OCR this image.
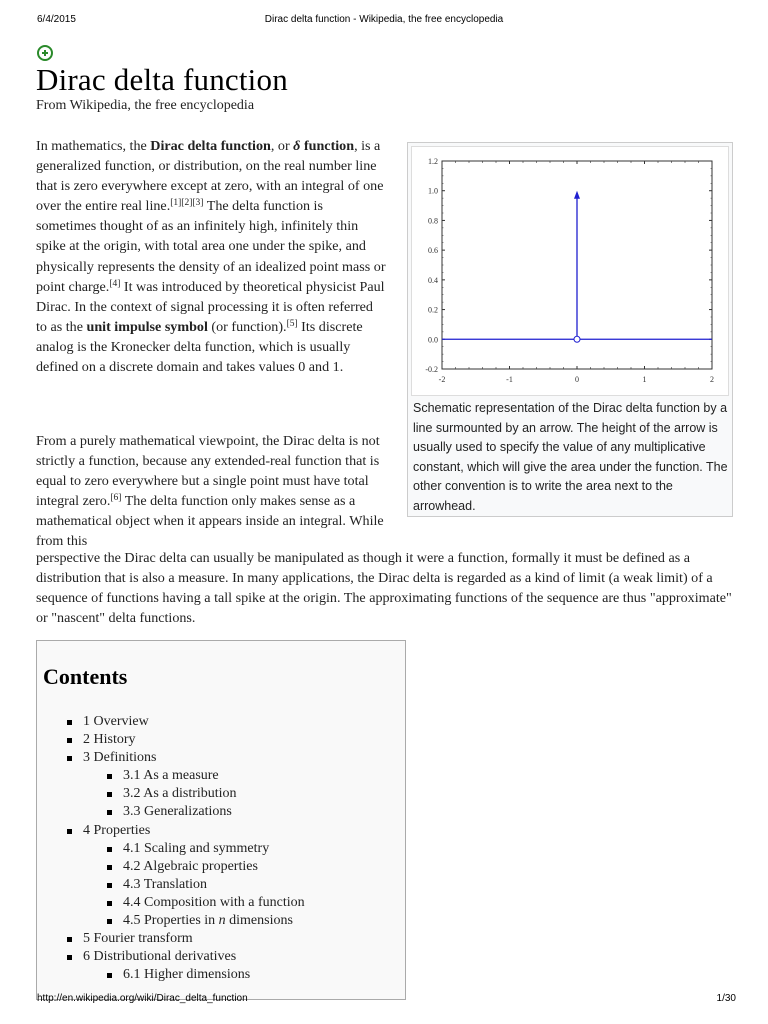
6/4/2015	Dirac delta function - Wikipedia, the free encyclopedia
Dirac delta function
From Wikipedia, the free encyclopedia

In mathematics, the Dirac delta function, or δ function, is a generalized function, or distribution, on the real number line that is zero everywhere except at zero, with an integral of one over the entire real line.[1][2][3] The delta function is sometimes thought of as an infinitely high, infinitely thin spike at the origin, with total area one under the spike, and physically represents the density of an idealized point mass or point charge.[4] It was introduced by theoretical physicist Paul Dirac. In the context of signal processing it is often referred to as the unit impulse symbol (or function).[5] Its discrete analog is the Kronecker delta function, which is usually defined on a discrete domain and takes values 0 and 1.

From a purely mathematical viewpoint, the Dirac delta is not strictly a function, because any extended-real function that is equal to zero everywhere but a single point must have total integral zero.[6] The delta function only makes sense as a mathematical object when it appears inside an integral. While from this

perspective the Dirac delta can usually be manipulated as though it were a function, formally it must be defined as a distribution that is also a measure. In many applications, the Dirac delta is regarded as a kind of limit (a weak limit) of a sequence of functions having a tall spike at the origin. The approximating functions of the sequence are thus "approximate" or "nascent" delta functions.

-2	-1	0	1	2
1.2
1.0
0.8
0.6
0.4
0.2
0.0
-0.2
Schematic representation of the Dirac delta function by a line surmounted by an arrow. The height of the arrow is usually used to specify the value of any multiplicative constant, which will give the area under the function. The other convention is to write the area next to the arrowhead.
Contents
1 Overview
2 History
3 Definitions
3.1 As a measure
3.2 As a distribution
3.3 Generalizations
4 Properties
4.1 Scaling and symmetry
4.2 Algebraic properties
4.3 Translation
4.4 Composition with a function
4.5 Properties in n dimensions
5 Fourier transform
6 Distributional derivatives
6.1 Higher dimensions
http://en.wikipedia.org/wiki/Dirac_delta_function	1/30
